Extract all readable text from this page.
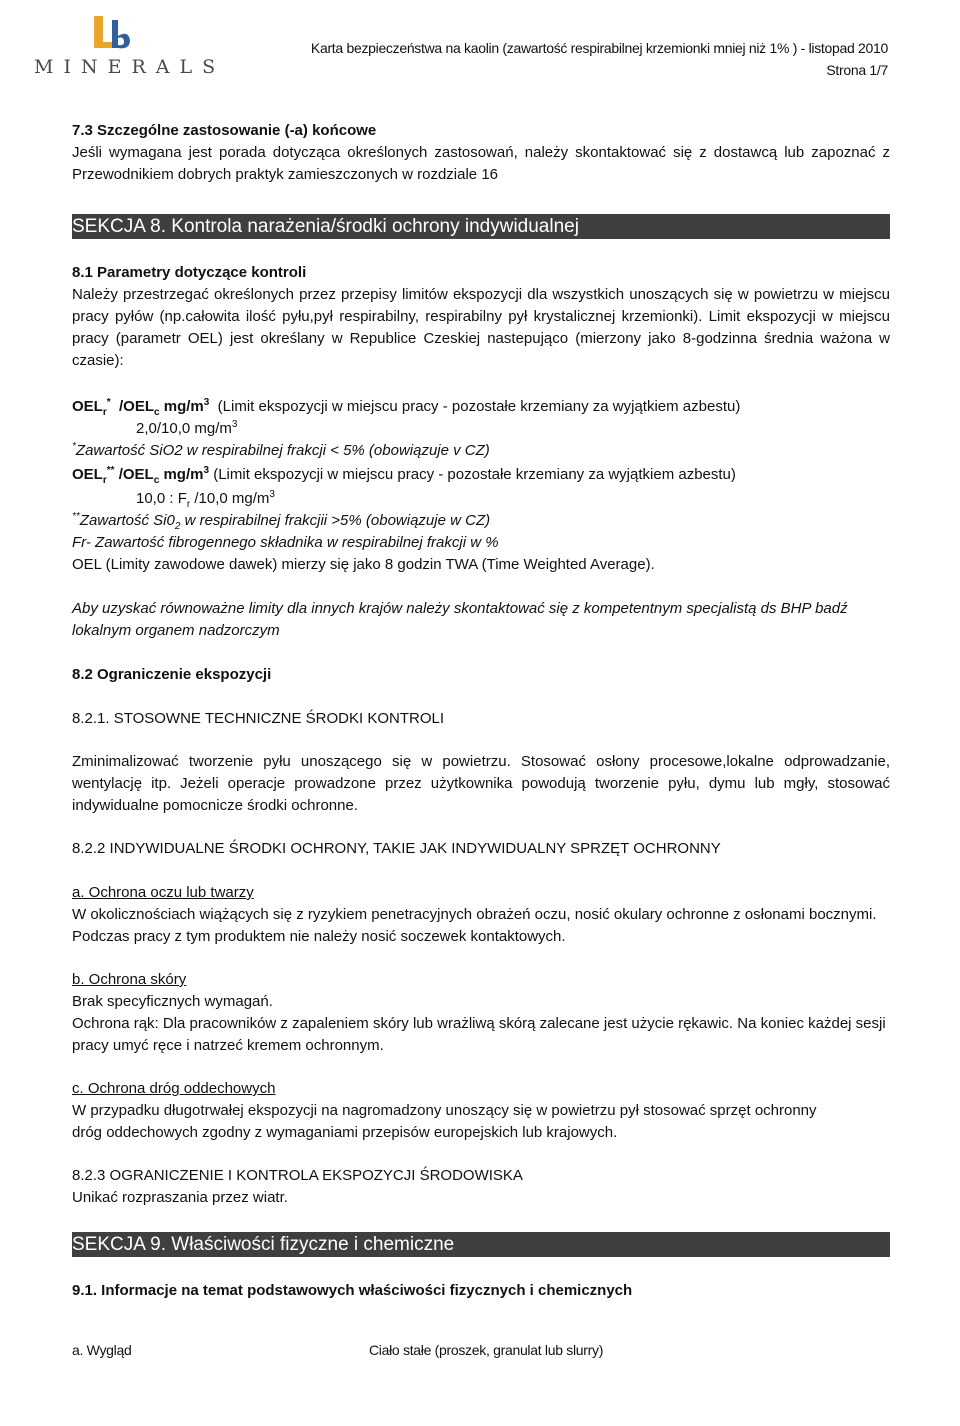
MINERALS
Karta bezpieczeństwa na kaolin (zawartość respirabilnej krzemionki mniej niż 1% ) - listopad 2010
Strona 1/7
7.3 Szczególne zastosowanie (-a) końcowe
Jeśli wymagana jest porada dotycząca określonych zastosowań, należy skontaktować się z dostawcą lub zapoznać z Przewodnikiem dobrych praktyk zamieszczonych w rozdziale 16
SEKCJA 8. Kontrola narażenia/środki ochrony indywidualnej
8.1 Parametry dotyczące kontroli
Należy przestrzegać określonych przez przepisy limitów ekspozycji dla wszystkich unoszących się w powietrzu w miejscu pracy pyłów (np.całowita ilość pyłu,pył respirabilny, respirabilny pył krystalicznej krzemionki). Limit ekspozycji w miejscu pracy (parametr OEL) jest określany w Republice Czeskiej nastepująco (mierzony jako 8-godzinna średnia ważona w czasie):
$OEL_r^*$ $/OEL_c$ $mg/m^3$ (Limit ekspozycji w miejscu pracy - pozostałe krzemiany za wyjątkiem azbestu)
2,0/10,0 $mg/m^3$
*Zawartość SiO2 w respirabilnej frakcji < 5% (obowiązuje v CZ)
$OEL_r^{**}$ $/OEL_c$ $mg/m^3$ (Limit ekspozycji w miejscu pracy - pozostałe krzemiany za wyjątkiem azbestu)
10,0 : $F_r$ /10,0 $mg/m^3$
**Zawartość $Si0_2$ w respirabilnej frakcjii >5% (obowiązuje w CZ)
Fr- Zawartość fibrogennego składnika w respirabilnej frakcji w %
OEL (Limity zawodowe dawek) mierzy się jako 8 godzin TWA (Time Weighted Average).
Aby uzyskać równoważne limity dla innych krajów należy skontaktować się z kompetentnym specjalistą ds BHP badź lokalnym organem nadzorczym
8.2 Ograniczenie ekspozycji
8.2.1. STOSOWNE TECHNICZNE ŚRODKI KONTROLI
Zminimalizować tworzenie pyłu unoszącego się w powietrzu. Stosować osłony procesowe,lokalne odprowadzanie, wentylację itp. Jeżeli operacje prowadzone przez użytkownika powodują tworzenie pyłu, dymu lub mgły, stosować indywidualne pomocnicze środki ochronne.
8.2.2 INDYWIDUALNE ŚRODKI OCHRONY, TAKIE JAK INDYWIDUALNY SPRZĘT OCHRONNY
a. Ochrona oczu lub twarzy
W okolicznościach wiążących się z ryzykiem penetracyjnych obrażeń oczu, nosić okulary ochronne z osłonami bocznymi. Podczas pracy z tym produktem nie należy nosić soczewek kontaktowych.
b. Ochrona skóry
Brak specyficznych wymagań.
Ochrona rąk: Dla pracowników z zapaleniem skóry lub wrażliwą skórą zalecane jest użycie rękawic. Na koniec każdej sesji pracy umyć ręce i natrzeć kremem ochronnym.
c. Ochrona dróg oddechowych
W przypadku długotrwałej ekspozycji na nagromadzony unoszący się w powietrzu pył stosować sprzęt ochronny dróg oddechowych zgodny z wymaganiami przepisów europejskich lub krajowych.
8.2.3 OGRANICZENIE I KONTROLA EKSPOZYCJI ŚRODOWISKA
Unikać rozpraszania przez wiatr.
SEKCJA 9. Właściwości fizyczne i chemiczne
9.1. Informacje na temat podstawowych właściwości fizycznych i chemicznych
a. Wygląd	Ciało stałe (proszek, granulat lub slurry)
